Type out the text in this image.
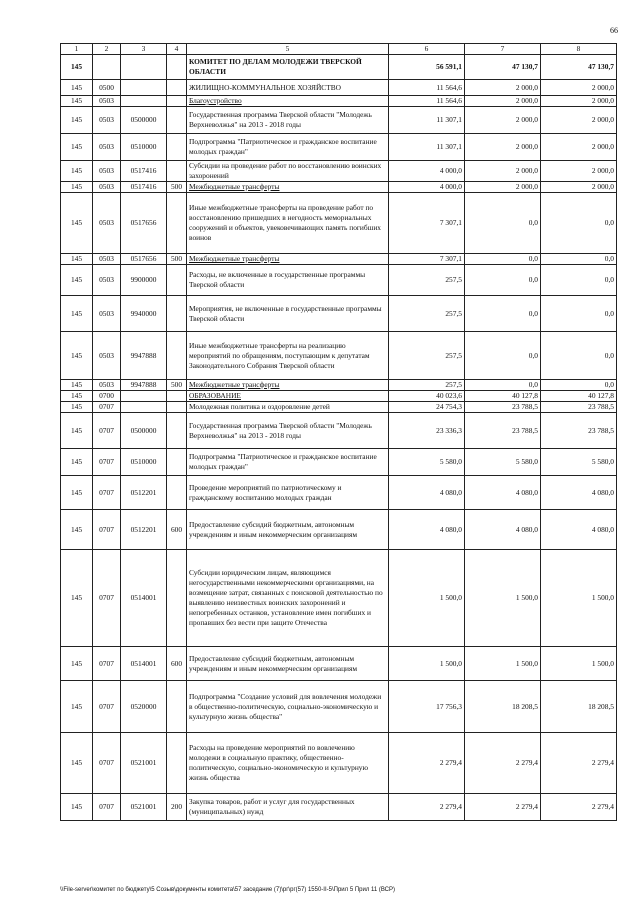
66
1	2	3	4	5	6	7	8
145				КОМИТЕТ ПО ДЕЛАМ МОЛОДЕЖИ ТВЕРСКОЙ ОБЛАСТИ	56 591,1	47 130,7	47 130,7
145	0500			ЖИЛИЩНО-КОММУНАЛЬНОЕ ХОЗЯЙСТВО	11 564,6	2 000,0	2 000,0
145	0503			Благоустройство	11 564,6	2 000,0	2 000,0
145	0503	0500000		Государственная программа Тверской области "Молодежь Верхневолжья" на 2013 - 2018 годы	11 307,1	2 000,0	2 000,0
145	0503	0510000		Подпрограмма "Патриотическое и гражданское воспитание молодых граждан"	11 307,1	2 000,0	2 000,0
145	0503	0517416		Субсидии на проведение работ по восстановлению воинских захоронений	4 000,0	2 000,0	2 000,0
145	0503	0517416	500	Межбюджетные трансферты	4 000,0	2 000,0	2 000,0
145	0503	0517656		Иные межбюджетные трансферты на проведение работ по восстановлению пришедших в негодность мемориальных сооружений и объектов, увековечивающих память погибших воинов	7 307,1	0,0	0,0
145	0503	0517656	500	Межбюджетные трансферты	7 307,1	0,0	0,0
145	0503	9900000		Расходы, не включенные в государственные программы Тверской области	257,5	0,0	0,0
145	0503	9940000		Мероприятия, не включенные в государственные программы Тверской области	257,5	0,0	0,0
145	0503	9947888		Иные межбюджетные трансферты на реализацию мероприятий по обращениям, поступающим к депутатам Законодательного Собрания Тверской области	257,5	0,0	0,0
145	0503	9947888	500	Межбюджетные трансферты	257,5	0,0	0,0
145	0700			ОБРАЗОВАНИЕ	40 023,6	40 127,8	40 127,8
145	0707			Молодежная политика и оздоровление детей	24 754,3	23 788,5	23 788,5
145	0707	0500000		Государственная программа Тверской области "Молодежь Верхневолжья" на 2013 - 2018 годы	23 336,3	23 788,5	23 788,5
145	0707	0510000		Подпрограмма "Патриотическое и гражданское воспитание молодых граждан"	5 580,0	5 580,0	5 580,0
145	0707	0512201		Проведение мероприятий по патриотическому и гражданскому воспитанию молодых граждан	4 080,0	4 080,0	4 080,0
145	0707	0512201	600	Предоставление субсидий бюджетным, автономным учреждениям и иным некоммерческим организациям	4 080,0	4 080,0	4 080,0
145	0707	0514001		Субсидии юридическим лицам, являющимся негосударственными некоммерческими организациями, на возмещение затрат, связанных с поисковой деятельностью по выявлению неизвестных воинских захоронений и непогребенных останков, установление имен погибших и пропавших без вести при защите Отечества	1 500,0	1 500,0	1 500,0
145	0707	0514001	600	Предоставление субсидий бюджетным, автономным учреждениям и иным некоммерческим организациям	1 500,0	1 500,0	1 500,0
145	0707	0520000		Подпрограмма "Создание условий для вовлечения молодежи в общественно-политическую, социально-экономическую и культурную жизнь общества"	17 756,3	18 208,5	18 208,5
145	0707	0521001		Расходы на проведение мероприятий по вовлечению молодежи в социальную практику, общественно-политическую, социально-экономическую и культурную жизнь общества	2 279,4	2 279,4	2 279,4
145	0707	0521001	200	Закупка товаров, работ и услуг для государственных (муниципальных) нужд	2 279,4	2 279,4	2 279,4
\\File-server\комитет по бюджету\5 Созыв\документы комитета\57 заседание (7)\рг\рг(57) 1550-II-5\Прил 5 Прил 11 (ВСР)
